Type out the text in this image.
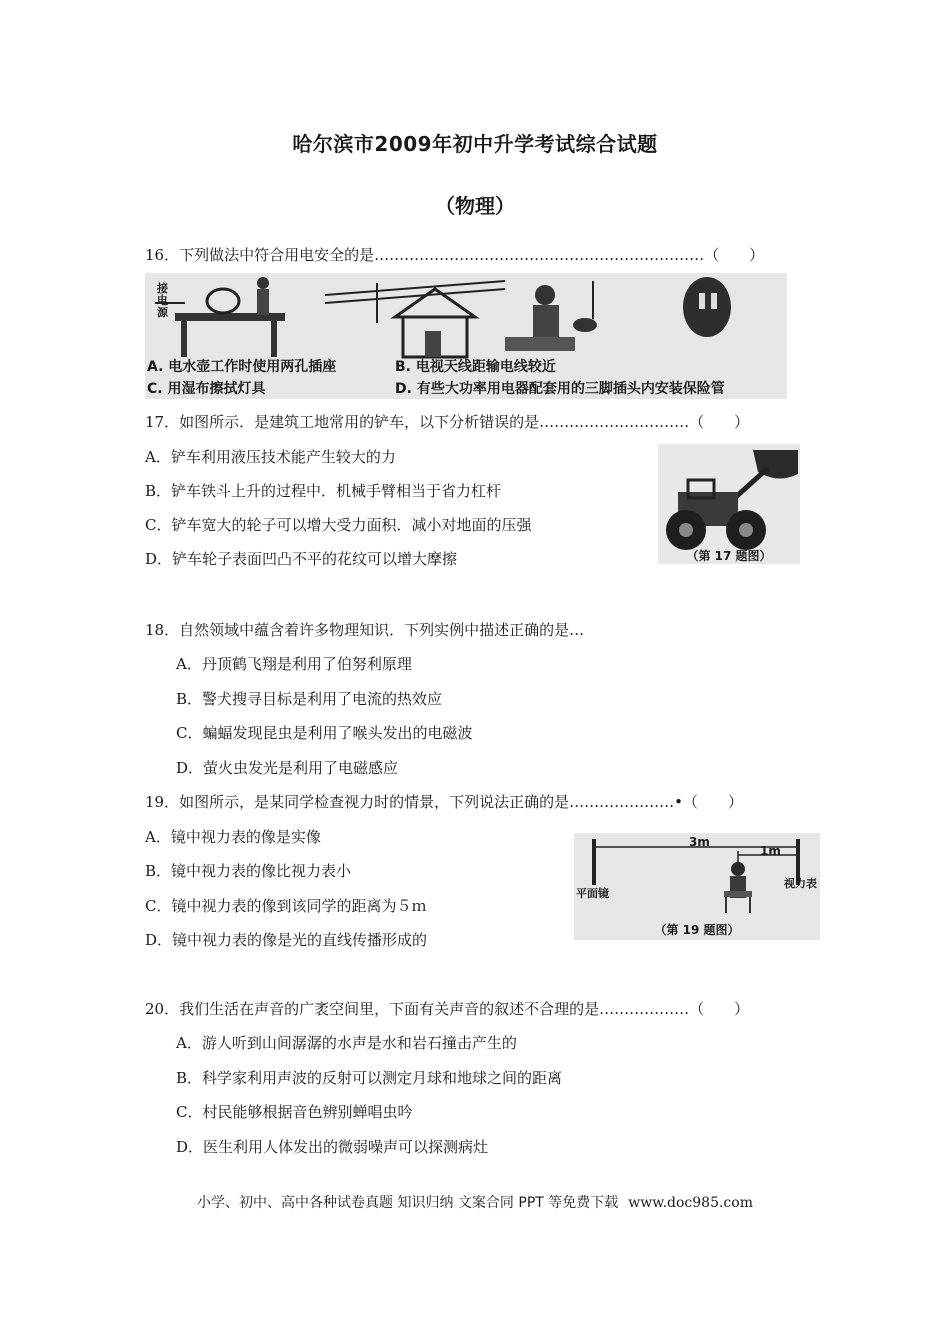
哈尔滨市2009年初中升学考试综合试题
（物理）
16．下列做法中符合用电安全的是…………………………………………………………（　　）
接电源
A. 电水壶工作时使用两孔插座	B. 电视天线距输电线较近
C. 用湿布擦拭灯具	D. 有些大功率用电器配套用的三脚插头内安装保险管
17．如图所示．是建筑工地常用的铲车，以下分析错误的是…………………………（　　）
A．铲车利用液压技术能产生较大的力
B．铲车铁斗上升的过程中．机械手臂相当于省力杠杆
C．铲车宽大的轮子可以增大受力面积．减小对地面的压强
D．铲车轮子表面凹凸不平的花纹可以增大摩擦	（第 17 题图）
18．自然领域中蕴含着许多物理知识．下列实例中描述正确的是…
A．丹顶鹤飞翔是利用了伯努利原理
B．警犬搜寻目标是利用了电流的热效应
C．蝙蝠发现昆虫是利用了喉头发出的电磁波
D．萤火虫发光是利用了电磁感应
19．如图所示，是某同学检查视力时的情景，下列说法正确的是…………………•（　　）
A．镜中视力表的像是实像
B．镜中视力表的像比视力表小
C．镜中视力表的像到该同学的距离为５ｍ
D．镜中视力表的像是光的直线传播形成的
3m
1m
平面镜
视力表
（第 19 题图）
20．我们生活在声音的广袤空间里，下面有关声音的叙述不合理的是………………（　　）
A．游人听到山间潺潺的水声是水和岩石撞击产生的
B．科学家利用声波的反射可以测定月球和地球之间的距离
C．村民能够根据音色辨别蝉唱虫吟
D．医生利用人体发出的微弱噪声可以探测病灶
小学、初中、高中各种试卷真题 知识归纳 文案合同 PPT 等免费下载 www.doc985.com
